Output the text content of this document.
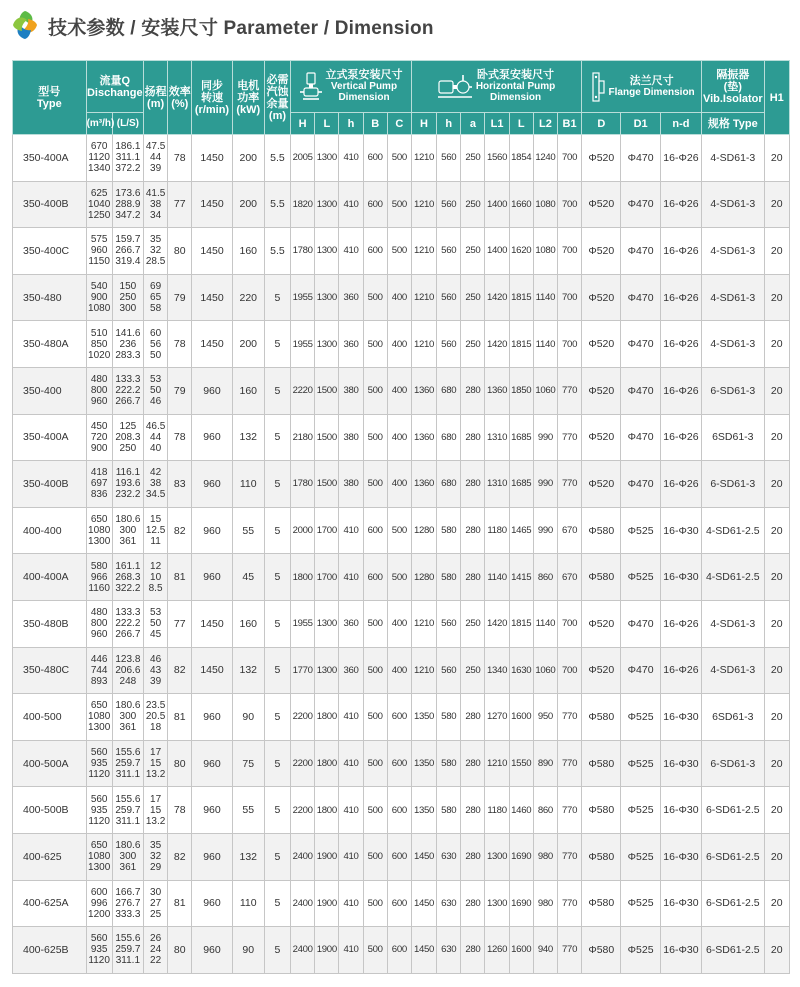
技术参数 / 安装尺寸 Parameter / Dimension
型号
Type	流量Q
Dischange		扬程
(m)	效率
(%)	同步
转速
(r/min)	电机
功率
(kW)	必需
汽蚀
余量
(m)	立式泵安装尺寸
Vertical Pump
Dimension					卧式泵安装尺寸
Horizontal Pump
Dimension							法兰尺寸
Flange Dimension			隔振器
(垫)
Vib.Isolator	H1
	(m³/h)	(L/S)						H	L	h	B	C	H	h	a	L1	L	L2	B1	D	D1	n-d	规格 Type	
350-400A	670
1120
1340	186.1
311.1
372.2	47.5
44
39	78	1450	200	5.5	2005	1300	410	600	500	1210	560	250	1560	1854	1240	700	Φ520	Φ470	16-Φ26	4-SD61-3	20
350-400B	625
1040
1250	173.6
288.9
347.2	41.5
38
34	77	1450	200	5.5	1820	1300	410	600	500	1210	560	250	1400	1660	1080	700	Φ520	Φ470	16-Φ26	4-SD61-3	20
350-400C	575
960
1150	159.7
266.7
319.4	35
32
28.5	80	1450	160	5.5	1780	1300	410	600	500	1210	560	250	1400	1620	1080	700	Φ520	Φ470	16-Φ26	4-SD61-3	20
350-480	540
900
1080	150
250
300	69
65
58	79	1450	220	5	1955	1300	360	500	400	1210	560	250	1420	1815	1140	700	Φ520	Φ470	16-Φ26	4-SD61-3	20
350-480A	510
850
1020	141.6
236
283.3	60
56
50	78	1450	200	5	1955	1300	360	500	400	1210	560	250	1420	1815	1140	700	Φ520	Φ470	16-Φ26	4-SD61-3	20
350-400	480
800
960	133.3
222.2
266.7	53
50
46	79	960	160	5	2220	1500	380	500	400	1360	680	280	1360	1850	1060	770	Φ520	Φ470	16-Φ26	6-SD61-3	20
350-400A	450
720
900	125
208.3
250	46.5
44
40	78	960	132	5	2180	1500	380	500	400	1360	680	280	1310	1685	990	770	Φ520	Φ470	16-Φ26	6SD61-3	20
350-400B	418
697
836	116.1
193.6
232.2	42
38
34.5	83	960	110	5	1780	1500	380	500	400	1360	680	280	1310	1685	990	770	Φ520	Φ470	16-Φ26	6-SD61-3	20
400-400	650
1080
1300	180.6
300
361	15
12.5
11	82	960	55	5	2000	1700	410	600	500	1280	580	280	1180	1465	990	670	Φ580	Φ525	16-Φ30	4-SD61-2.5	20
400-400A	580
966
1160	161.1
268.3
322.2	12
10
8.5	81	960	45	5	1800	1700	410	600	500	1280	580	280	1140	1415	860	670	Φ580	Φ525	16-Φ30	4-SD61-2.5	20
350-480B	480
800
960	133.3
222.2
266.7	53
50
45	77	1450	160	5	1955	1300	360	500	400	1210	560	250	1420	1815	1140	700	Φ520	Φ470	16-Φ26	4-SD61-3	20
350-480C	446
744
893	123.8
206.6
248	46
43
39	82	1450	132	5	1770	1300	360	500	400	1210	560	250	1340	1630	1060	700	Φ520	Φ470	16-Φ26	4-SD61-3	20
400-500	650
1080
1300	180.6
300
361	23.5
20.5
18	81	960	90	5	2200	1800	410	500	600	1350	580	280	1270	1600	950	770	Φ580	Φ525	16-Φ30	6SD61-3	20
400-500A	560
935
1120	155.6
259.7
311.1	17
15
13.2	80	960	75	5	2200	1800	410	500	600	1350	580	280	1210	1550	890	770	Φ580	Φ525	16-Φ30	6-SD61-3	20
400-500B	560
935
1120	155.6
259.7
311.1	17
15
13.2	78	960	55	5	2200	1800	410	500	600	1350	580	280	1180	1460	860	770	Φ580	Φ525	16-Φ30	6-SD61-2.5	20
400-625	650
1080
1300	180.6
300
361	35
32
29	82	960	132	5	2400	1900	410	500	600	1450	630	280	1300	1690	980	770	Φ580	Φ525	16-Φ30	6-SD61-2.5	20
400-625A	600
996
1200	166.7
276.7
333.3	30
27
25	81	960	110	5	2400	1900	410	500	600	1450	630	280	1300	1690	980	770	Φ580	Φ525	16-Φ30	6-SD61-2.5	20
400-625B	560
935
1120	155.6
259.7
311.1	26
24
22	80	960	90	5	2400	1900	410	500	600	1450	630	280	1260	1600	940	770	Φ580	Φ525	16-Φ30	6-SD61-2.5	20
